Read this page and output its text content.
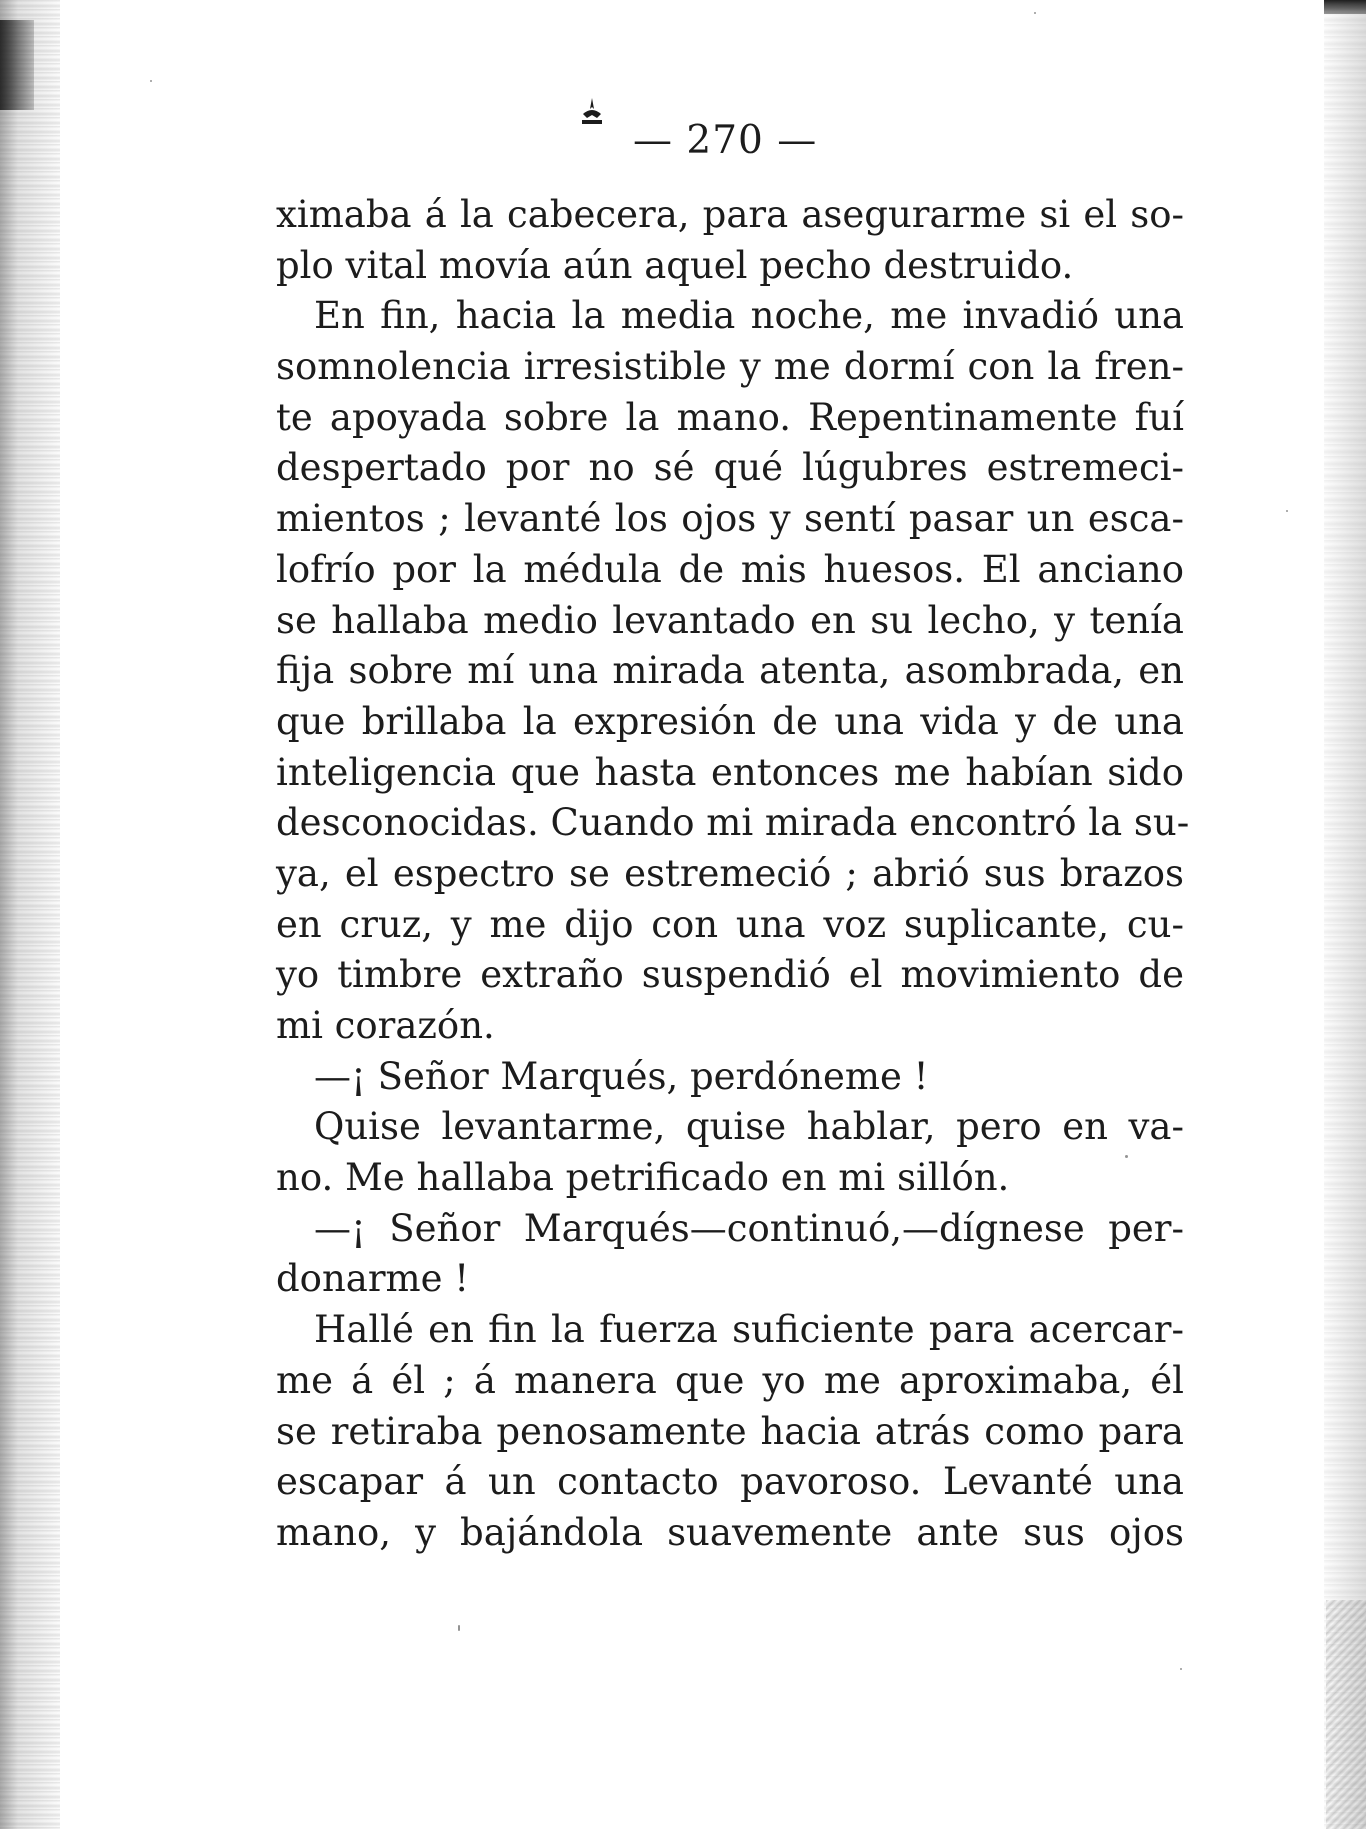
— 270 —
ximaba á la cabecera, para asegurarme si el so-
plo vital movía aún aquel pecho destruido.
En fin, hacia la media noche, me invadió una
somnolencia irresistible y me dormí con la fren-
te apoyada sobre la mano. Repentinamente fuí
despertado por no sé qué lúgubres estremeci-
mientos ; levanté los ojos y sentí pasar un esca-
lofrío por la médula de mis huesos. El anciano
se hallaba medio levantado en su lecho, y tenía
fija sobre mí una mirada atenta, asombrada, en
que brillaba la expresión de una vida y de una
inteligencia que hasta entonces me habían sido
desconocidas. Cuando mi mirada encontró la su-
ya, el espectro se estremeció ; abrió sus brazos
en cruz, y me dijo con una voz suplicante, cu-
yo timbre extraño suspendió el movimiento de
mi corazón.
—¡ Señor Marqués, perdóneme !
Quise levantarme, quise hablar, pero en va-
no. Me hallaba petrificado en mi sillón.
—¡ Señor Marqués—continuó,—dígnese per-
donarme !
Hallé en fin la fuerza suficiente para acercar-
me á él ; á manera que yo me aproximaba, él
se retiraba penosamente hacia atrás como para
escapar á un contacto pavoroso. Levanté una
mano, y bajándola suavemente ante sus ojos
